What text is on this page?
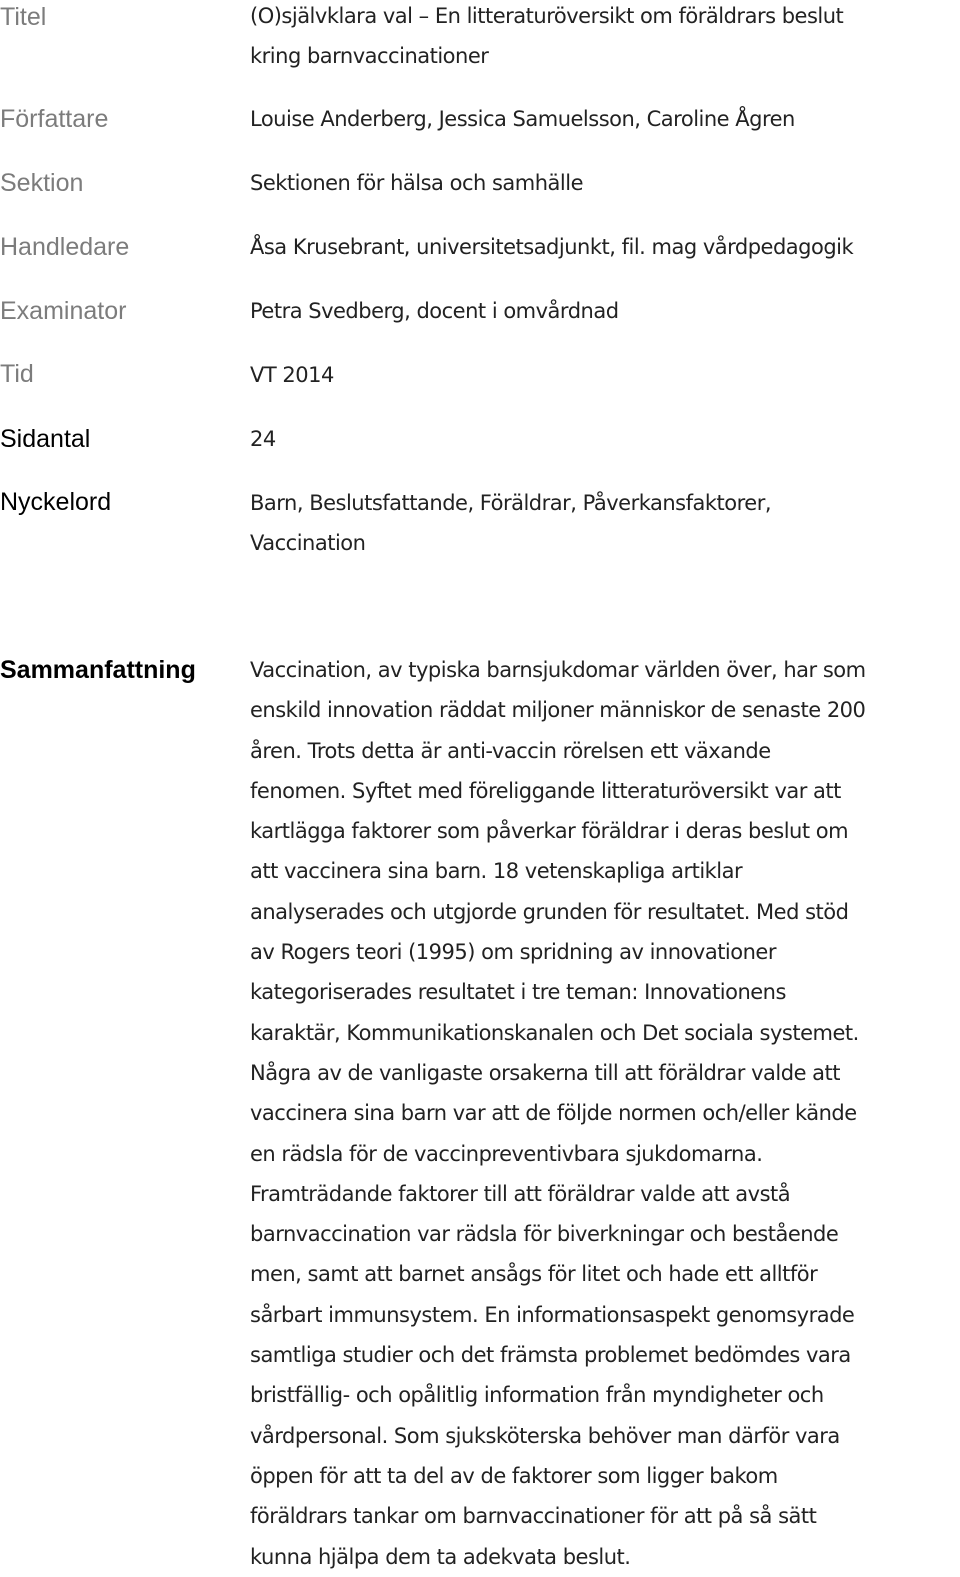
Titel	(O)självklara val – En litteraturöversikt om föräldrars beslut

kring barnvaccinationer

Författare	Louise Anderberg, Jessica Samuelsson, Caroline Ågren

Sektion	Sektionen för hälsa och samhälle

Handledare	Åsa Krusebrant, universitetsadjunkt, fil. mag vårdpedagogik

Examinator	Petra Svedberg, docent i omvårdnad

Tid	VT 2014

Sidantal	24

Nyckelord	Barn, Beslutsfattande, Föräldrar, Påverkansfaktorer,

Vaccination

Sammanfattning	Vaccination, av typiska barnsjukdomar världen över, har som
enskild innovation räddat miljoner människor de senaste 200
åren. Trots detta är anti-vaccin rörelsen ett växande
fenomen. Syftet med föreliggande litteraturöversikt var att
kartlägga faktorer som påverkar föräldrar i deras beslut om
att vaccinera sina barn. 18 vetenskapliga artiklar
analyserades och utgjorde grunden för resultatet. Med stöd
av Rogers teori (1995) om spridning av innovationer
kategoriserades resultatet i tre teman: Innovationens
karaktär, Kommunikationskanalen och Det sociala systemet.
Några av de vanligaste orsakerna till att föräldrar valde att
vaccinera sina barn var att de följde normen och/eller kände
en rädsla för de vaccinpreventivbara sjukdomarna.
Framträdande faktorer till att föräldrar valde att avstå
barnvaccination var rädsla för biverkningar och bestående
men, samt att barnet ansågs för litet och hade ett alltför
sårbart immunsystem. En informationsaspekt genomsyrade
samtliga studier och det främsta problemet bedömdes vara
bristfällig- och opålitlig information från myndigheter och
vårdpersonal. Som sjuksköterska behöver man därför vara
öppen för att ta del av de faktorer som ligger bakom
föräldrars tankar om barnvaccinationer för att på så sätt
kunna hjälpa dem ta adekvata beslut.
